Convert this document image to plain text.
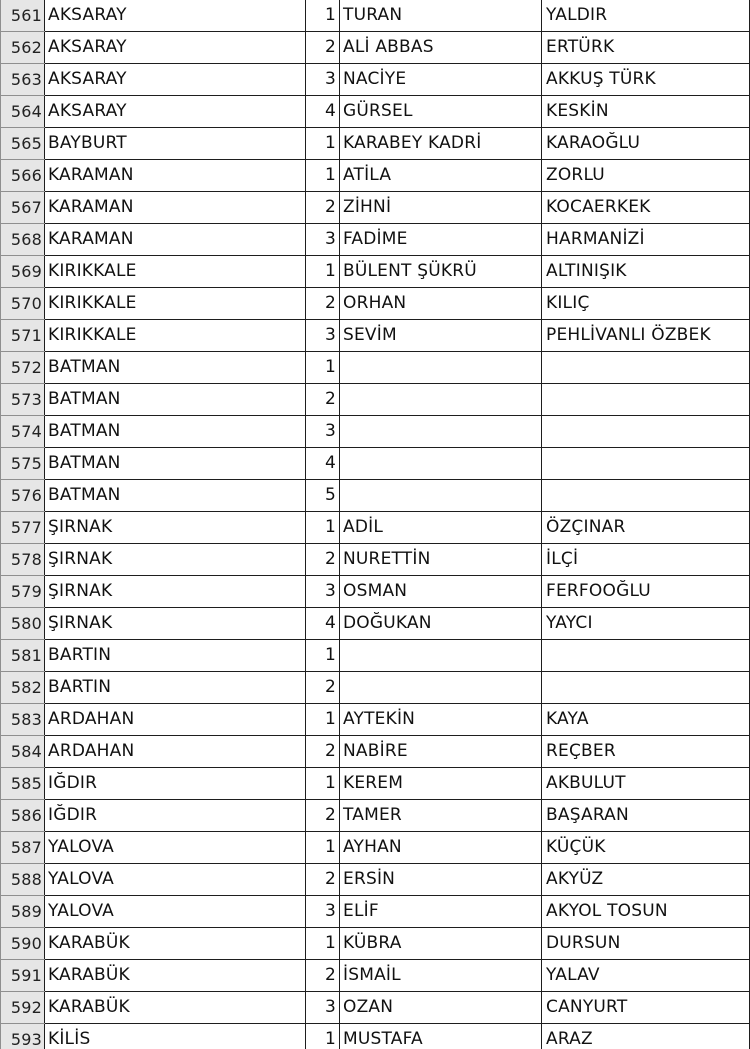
561	AKSARAY	1	TURAN	YALDIR
562	AKSARAY	2	ALİ ABBAS	ERTÜRK
563	AKSARAY	3	NACİYE	AKKUŞ TÜRK
564	AKSARAY	4	GÜRSEL	KESKİN
565	BAYBURT	1	KARABEY KADRİ	KARAOĞLU
566	KARAMAN	1	ATİLA	ZORLU
567	KARAMAN	2	ZİHNİ	KOCAERKEK
568	KARAMAN	3	FADİME	HARMANİZİ
569	KIRIKKALE	1	BÜLENT ŞÜKRÜ	ALTINIŞIK
570	KIRIKKALE	2	ORHAN	KILIÇ
571	KIRIKKALE	3	SEVİM	PEHLİVANLI ÖZBEK
572	BATMAN	1		
573	BATMAN	2		
574	BATMAN	3		
575	BATMAN	4		
576	BATMAN	5		
577	ŞIRNAK	1	ADİL	ÖZÇINAR
578	ŞIRNAK	2	NURETTİN	İLÇİ
579	ŞIRNAK	3	OSMAN	FERFOOĞLU
580	ŞIRNAK	4	DOĞUKAN	YAYCI
581	BARTIN	1		
582	BARTIN	2		
583	ARDAHAN	1	AYTEKİN	KAYA
584	ARDAHAN	2	NABİRE	REÇBER
585	IĞDIR	1	KEREM	AKBULUT
586	IĞDIR	2	TAMER	BAŞARAN
587	YALOVA	1	AYHAN	KÜÇÜK
588	YALOVA	2	ERSİN	AKYÜZ
589	YALOVA	3	ELİF	AKYOL TOSUN
590	KARABÜK	1	KÜBRA	DURSUN
591	KARABÜK	2	İSMAİL	YALAV
592	KARABÜK	3	OZAN	CANYURT
593	KİLİS	1	MUSTAFA	ARAZ
